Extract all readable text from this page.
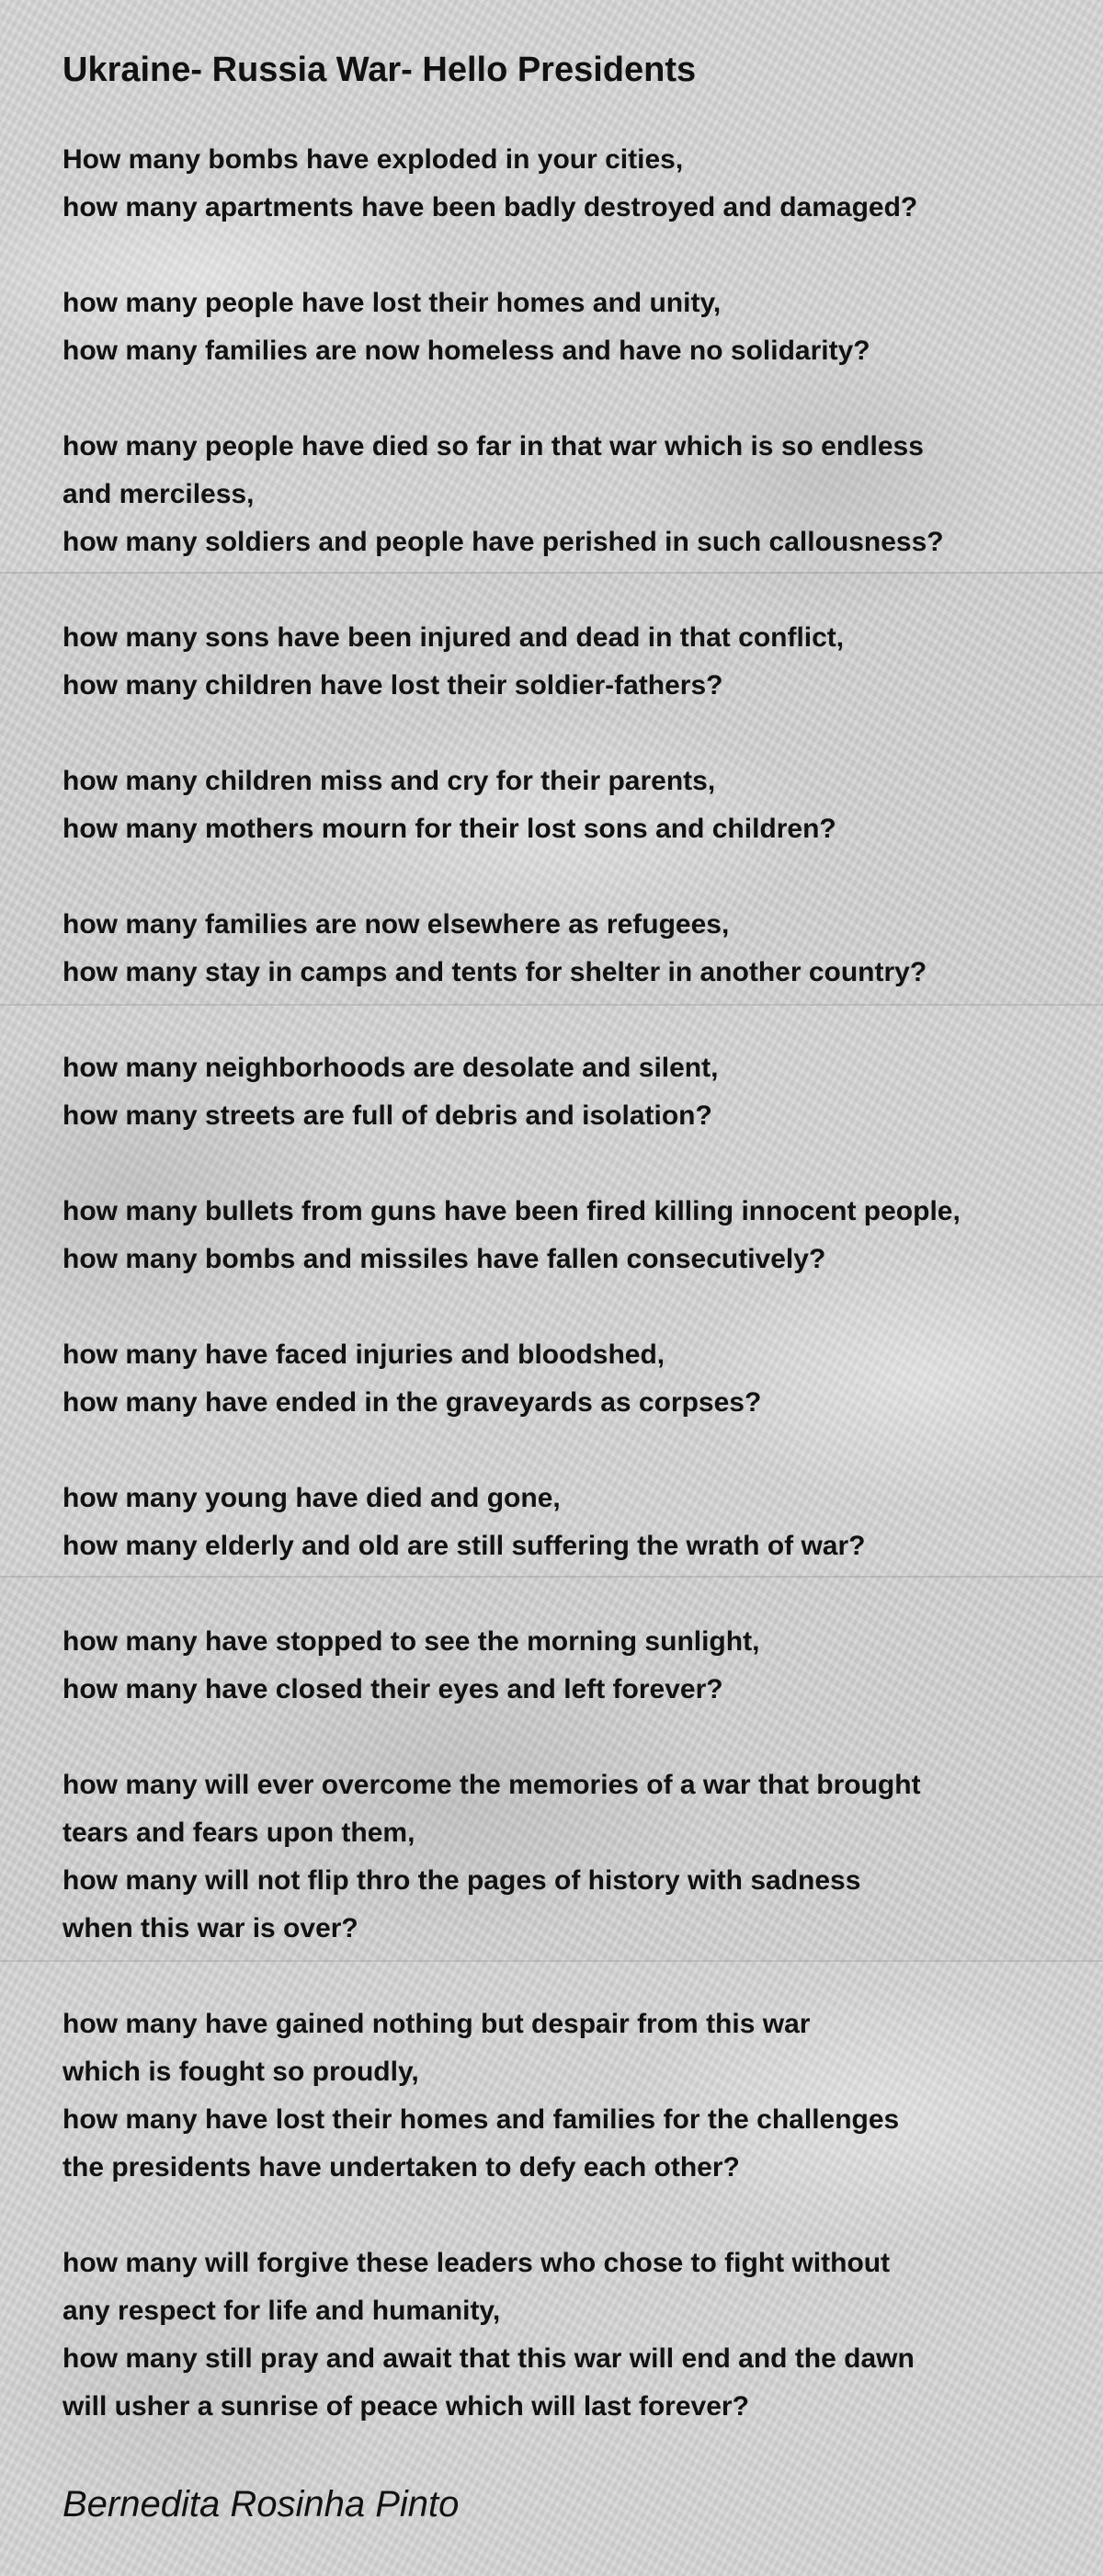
Ukraine- Russia War- Hello Presidents

How many bombs have exploded in your cities,
how many apartments have been badly destroyed and damaged?

how many people have lost their homes and unity,
how many families are now homeless and have no solidarity?

how many people have died so far in that war which is so endless
and merciless,
how many soldiers and people have perished in such callousness?

how many sons have been injured and dead in that conflict,
how many children have lost their soldier-fathers?

how many children miss and cry for their parents,
how many mothers mourn for their lost sons and children?

how many families are now elsewhere as refugees,
how many stay in camps and tents for shelter in another country?

how many neighborhoods are desolate and silent,
how many streets are full of debris and isolation?

how many bullets from guns have been fired killing innocent people,
how many bombs and missiles have fallen consecutively?

how many have faced injuries and bloodshed,
how many have ended in the graveyards as corpses?

how many young have died and gone,
how many elderly and old are still suffering the wrath of war?

how many have stopped to see the morning sunlight,
how many have closed their eyes and left forever?

how many will ever overcome the memories of a war that brought
tears and fears upon them,
how many will not flip thro the pages of history with sadness
when this war is over?

how many have gained nothing but despair from this war
which is fought so proudly,
how many have lost their homes and families for the challenges
the presidents have undertaken to defy each other?

how many will forgive these leaders who chose to fight without
any respect for life and humanity,
how many still pray and await that this war will end and the dawn
will usher a sunrise of peace which will last forever?

Bernedita Rosinha Pinto
